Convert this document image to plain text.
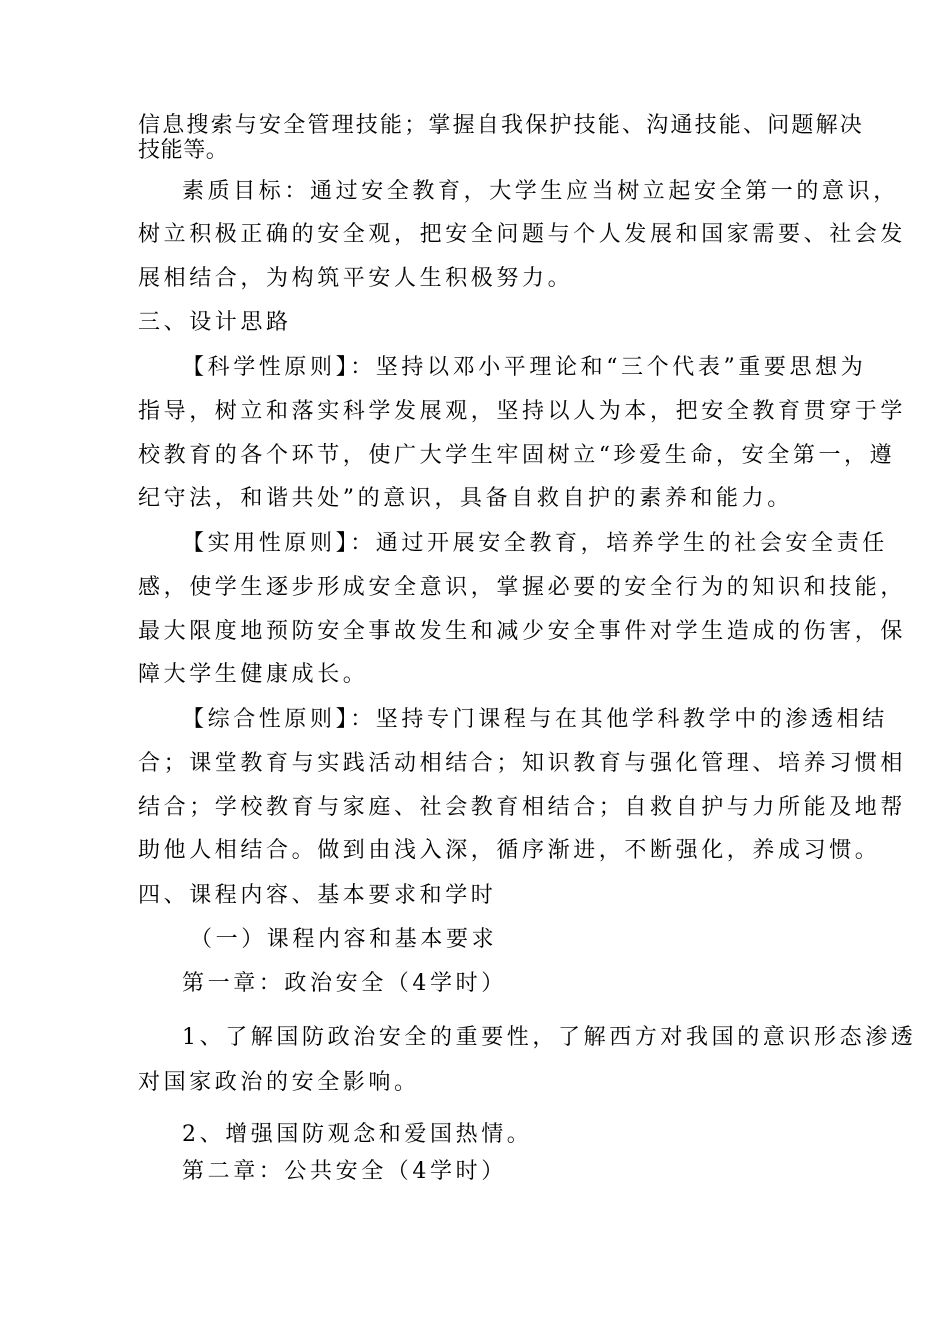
信息搜索与安全管理技能；掌握自我保护技能、沟通技能、问题解决
技能等。
素质目标：通过安全教育，大学生应当树立起安全第一的意识，
树立积极正确的安全观，把安全问题与个人发展和国家需要、社会发
展相结合，为构筑平安人生积极努力。
三、设计思路
【科学性原则】：坚持以邓小平理论和“三个代表”重要思想为
指导，树立和落实科学发展观，坚持以人为本，把安全教育贯穿于学
校教育的各个环节，使广大学生牢固树立“珍爱生命，安全第一，遵
纪守法，和谐共处”的意识，具备自救自护的素养和能力。
【实用性原则】：通过开展安全教育，培养学生的社会安全责任
感，使学生逐步形成安全意识，掌握必要的安全行为的知识和技能，
最大限度地预防安全事故发生和减少安全事件对学生造成的伤害，保
障大学生健康成长。
【综合性原则】：坚持专门课程与在其他学科教学中的渗透相结
合；课堂教育与实践活动相结合；知识教育与强化管理、培养习惯相
结合；学校教育与家庭、社会教育相结合；自救自护与力所能及地帮
助他人相结合。做到由浅入深，循序渐进，不断强化，养成习惯。
四、课程内容、基本要求和学时
（一）课程内容和基本要求
第一章：政治安全（4学时）
1、了解国防政治安全的重要性，了解西方对我国的意识形态渗透
对国家政治的安全影响。
2、增强国防观念和爱国热情。
第二章：公共安全（4学时）
